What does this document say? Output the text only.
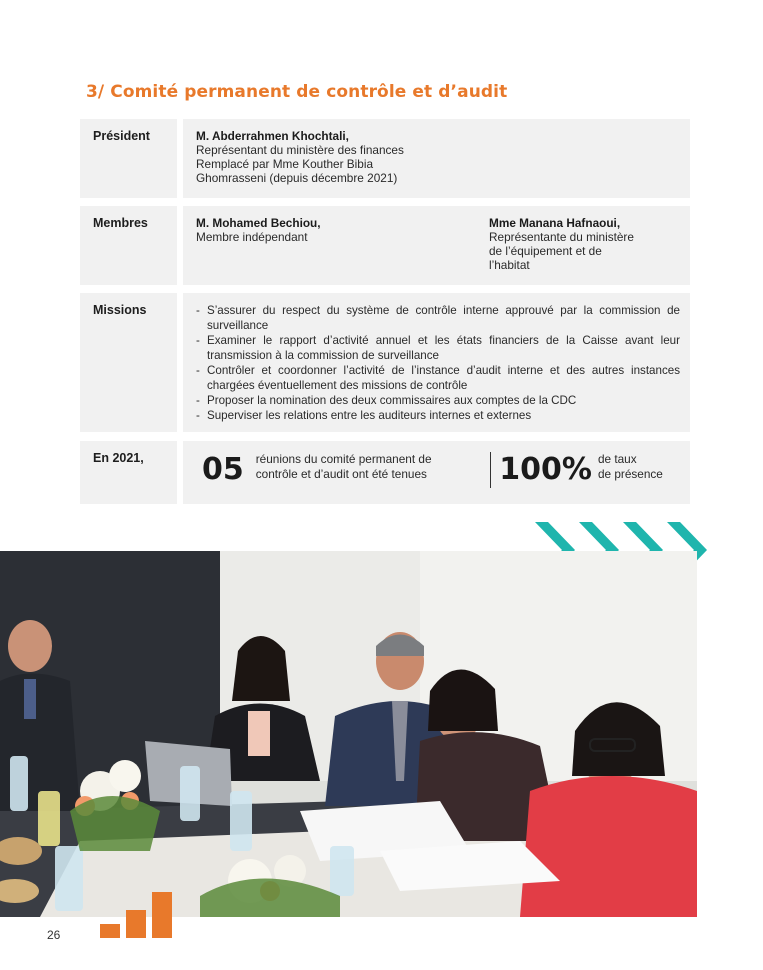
3/ Comité permanent de contrôle et d’audit
Président	M. Abderrahmen Khochtali,
Représentant du ministère des finances
Remplacé par Mme Kouther Bibia
Ghomrasseni (depuis décembre 2021)
Membres	M. Mohamed Bechiou,
Membre indépendant
Mme Manana Hafnaoui,
Représentante du ministère
de l’équipement et de
l’habitat
Missions
-	S’assurer du respect du système de contrôle interne approuvé par la commission de surveillance
- Examiner le rapport d’activité annuel et les états financiers de la Caisse avant leur transmission à la commission de surveillance
- Contrôler et coordonner l’activité de l’instance d’audit interne et des autres instances chargées éventuellement des missions de contrôle
- Proposer la nomination des deux commissaires aux comptes de la CDC
- Superviser les relations entre les auditeurs internes et externes
En 2021,	05 réunions du comité permanent de contrôle et d’audit ont été tenues	100% de taux
de présence
26
